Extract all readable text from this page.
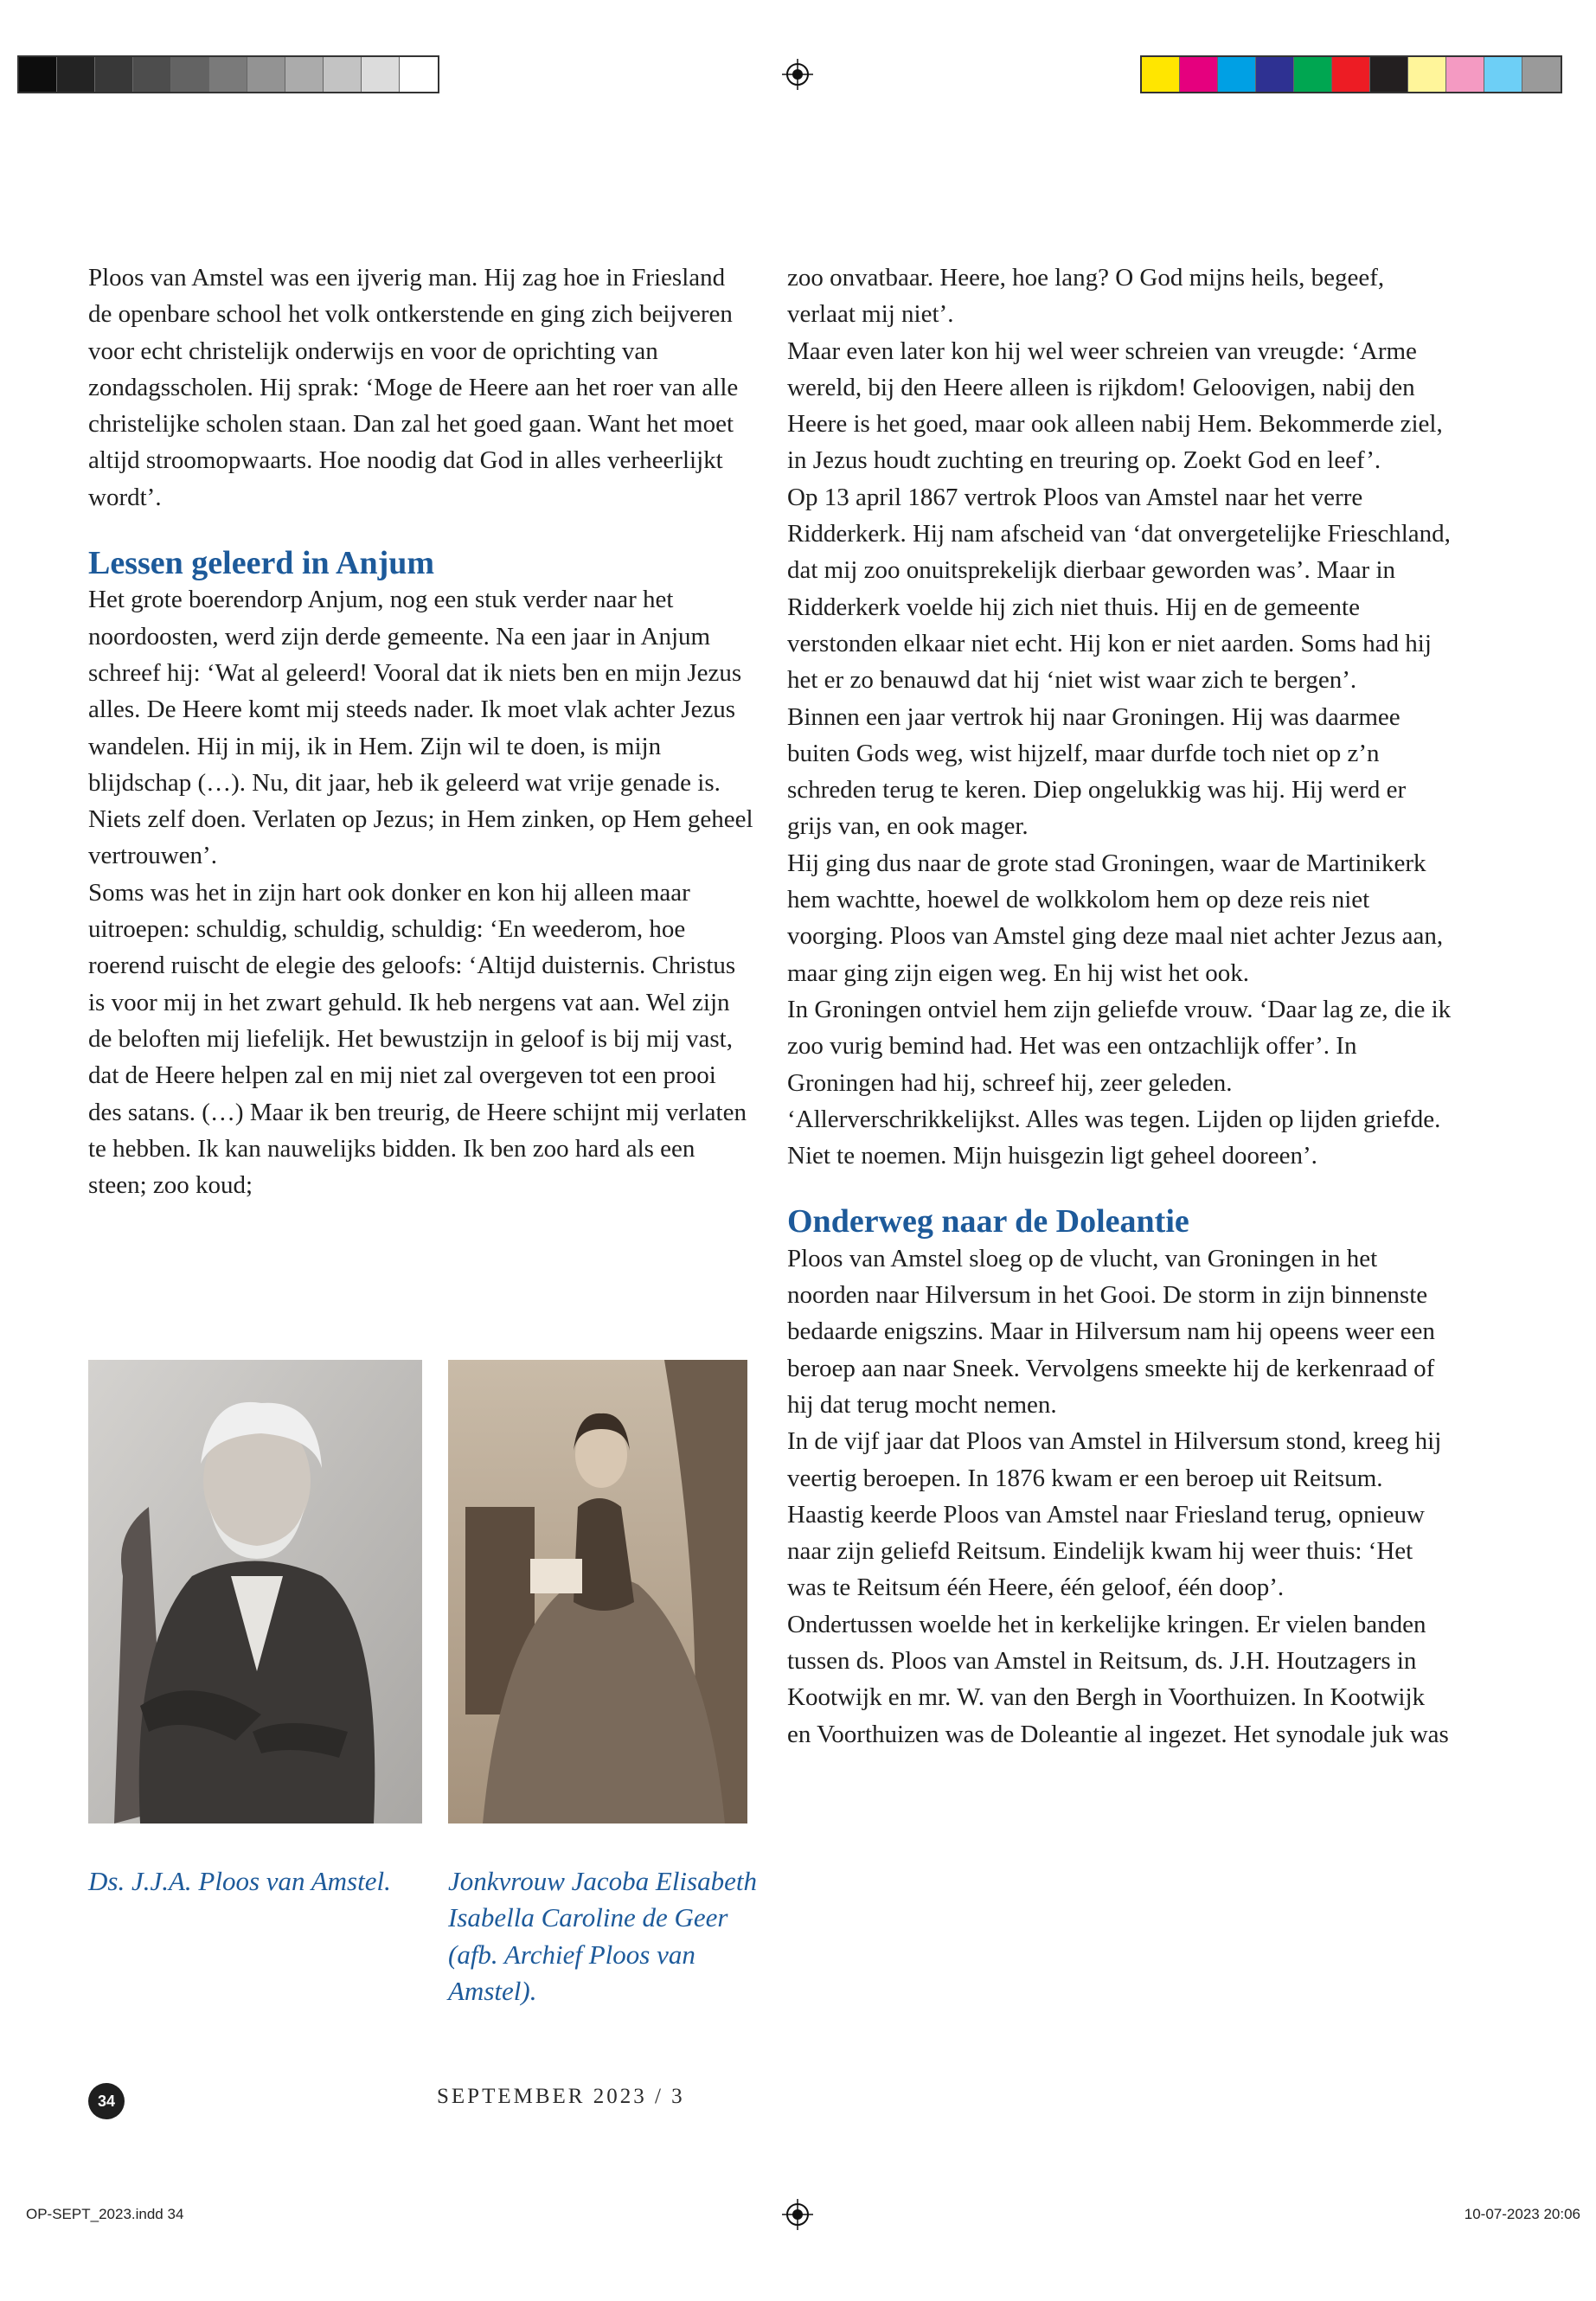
Ploos van Amstel was een ijverig man. Hij zag hoe in Friesland de openbare school het volk ontkerstende en ging zich beijveren voor echt christelijk onderwijs en voor de oprichting van zondagsscholen. Hij sprak: ‘Moge de Heere aan het roer van alle christelijke scholen staan. Dan zal het goed gaan. Want het moet altijd stroomopwaarts. Hoe noodig dat God in alles verheerlijkt wordt’.

Lessen geleerd in Anjum

Het grote boerendorp Anjum, nog een stuk verder naar het noordoosten, werd zijn derde gemeente. Na een jaar in Anjum schreef hij: ‘Wat al geleerd! Vooral dat ik niets ben en mijn Jezus alles. De Heere komt mij steeds nader. Ik moet vlak achter Jezus wandelen. Hij in mij, ik in Hem. Zijn wil te doen, is mijn blijdschap (…). Nu, dit jaar, heb ik geleerd wat vrije genade is. Niets zelf doen. Verlaten op Jezus; in Hem zinken, op Hem geheel vertrouwen’.

Soms was het in zijn hart ook donker en kon hij alleen maar uitroepen: schuldig, schuldig, schuldig: ‘En weederom, hoe roerend ruischt de elegie des geloofs: ‘Altijd duisternis. Christus is voor mij in het zwart gehuld. Ik heb nergens vat aan. Wel zijn de beloften mij liefelijk. Het bewustzijn in geloof is bij mij vast, dat de Heere helpen zal en mij niet zal overgeven tot een prooi des satans. (…) Maar ik ben treurig, de Heere schijnt mij verlaten te hebben. Ik kan nauwelijks bidden. Ik ben zoo hard als een steen; zoo koud;

Ds. J.J.A. Ploos van Amstel.	Jonkvrouw Jacoba Elisabeth Isabella Caroline de Geer (afb. Archief Ploos van Amstel).

zoo onvatbaar. Heere, hoe lang? O God mijns heils, begeef, verlaat mij niet’.

Maar even later kon hij wel weer schreien van vreugde: ‘Arme wereld, bij den Heere alleen is rijkdom! Geloovigen, nabij den Heere is het goed, maar ook alleen nabij Hem. Bekommerde ziel, in Jezus houdt zuchting en treuring op. Zoekt God en leef’.

Op 13 april 1867 vertrok Ploos van Amstel naar het verre Ridderkerk. Hij nam afscheid van ‘dat onvergetelijke Frieschland, dat mij zoo onuitsprekelijk dierbaar geworden was’. Maar in Ridderkerk voelde hij zich niet thuis. Hij en de gemeente verstonden elkaar niet echt. Hij kon er niet aarden. Soms had hij het er zo benauwd dat hij ‘niet wist waar zich te bergen’.

Binnen een jaar vertrok hij naar Groningen. Hij was daarmee buiten Gods weg, wist hijzelf, maar durfde toch niet op z’n schreden terug te keren. Diep ongelukkig was hij. Hij werd er grijs van, en ook mager.

Hij ging dus naar de grote stad Groningen, waar de Martinikerk hem wachtte, hoewel de wolkkolom hem op deze reis niet voorging. Ploos van Amstel ging deze maal niet achter Jezus aan, maar ging zijn eigen weg. En hij wist het ook.

In Groningen ontviel hem zijn geliefde vrouw. ‘Daar lag ze, die ik zoo vurig bemind had. Het was een ontzachlijk offer’. In Groningen had hij, schreef hij, zeer geleden. ‘Allerverschrikkelijkst. Alles was tegen. Lijden op lijden griefde. Niet te noemen. Mijn huisgezin ligt geheel dooreen’.

Onderweg naar de Doleantie

Ploos van Amstel sloeg op de vlucht, van Groningen in het noorden naar Hilversum in het Gooi. De storm in zijn binnenste bedaarde enigszins. Maar in Hilversum nam hij opeens weer een beroep aan naar Sneek. Vervolgens smeekte hij de kerkenraad of hij dat terug mocht nemen.

In de vijf jaar dat Ploos van Amstel in Hilversum stond, kreeg hij veertig beroepen. In 1876 kwam er een beroep uit Reitsum. Haastig keerde Ploos van Amstel naar Friesland terug, opnieuw naar zijn geliefd Reitsum. Eindelijk kwam hij weer thuis: ‘Het was te Reitsum één Heere, één geloof, één doop’.

Ondertussen woelde het in kerkelijke kringen. Er vielen banden tussen ds. Ploos van Amstel in Reitsum, ds. J.H. Houtzagers in Kootwijk en mr. W. van den Bergh in Voorthuizen. In Kootwijk en Voorthuizen was de Doleantie al ingezet. Het synodale juk was

34	SEPTEMBER 2023 / 3
OP-SEPT_2023.indd 34	10-07-2023 20:06
